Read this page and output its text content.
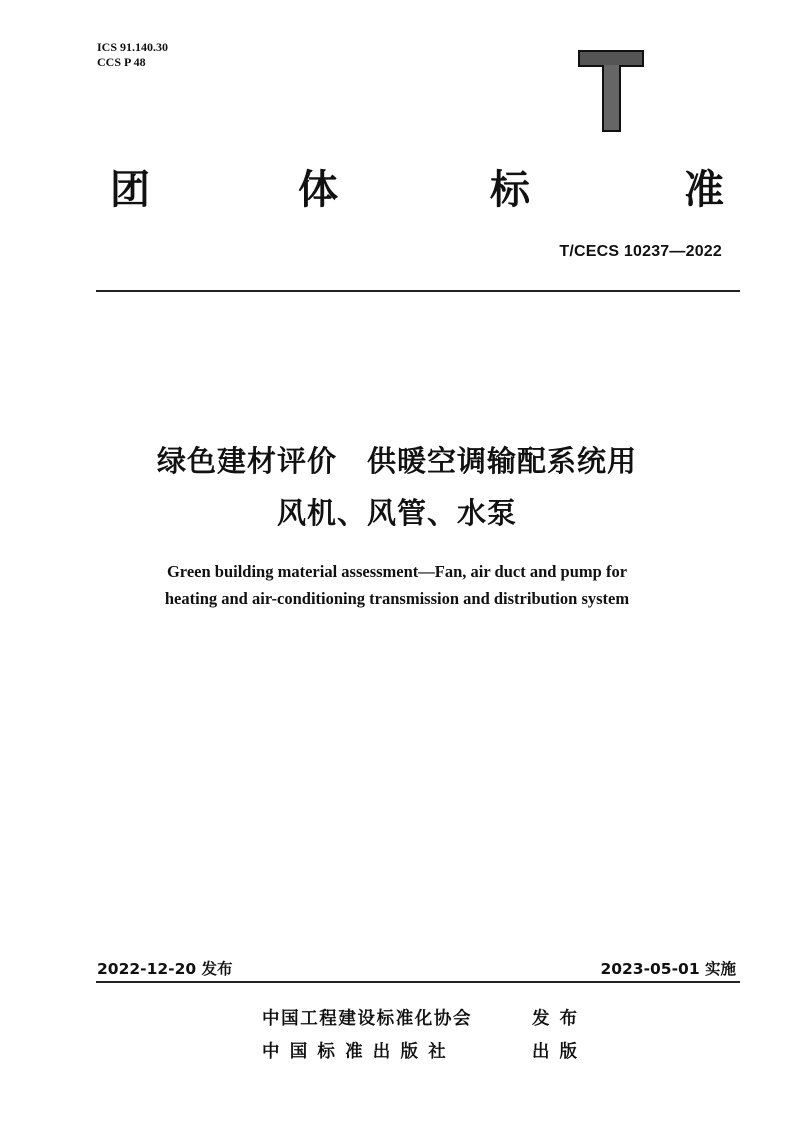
ICS 91.140.30
CCS P 48
团	体	标	准
T/CECS 10237—2022
绿色建材评价　供暖空调输配系统用
风机、风管、水泵
Green building material assessment—Fan, air duct and pump for
heating and air-conditioning transmission and distribution system
2022-12-20 发布	2023-05-01 实施
中国工程建设标准化协会	发布
中国标准出版社	出版
